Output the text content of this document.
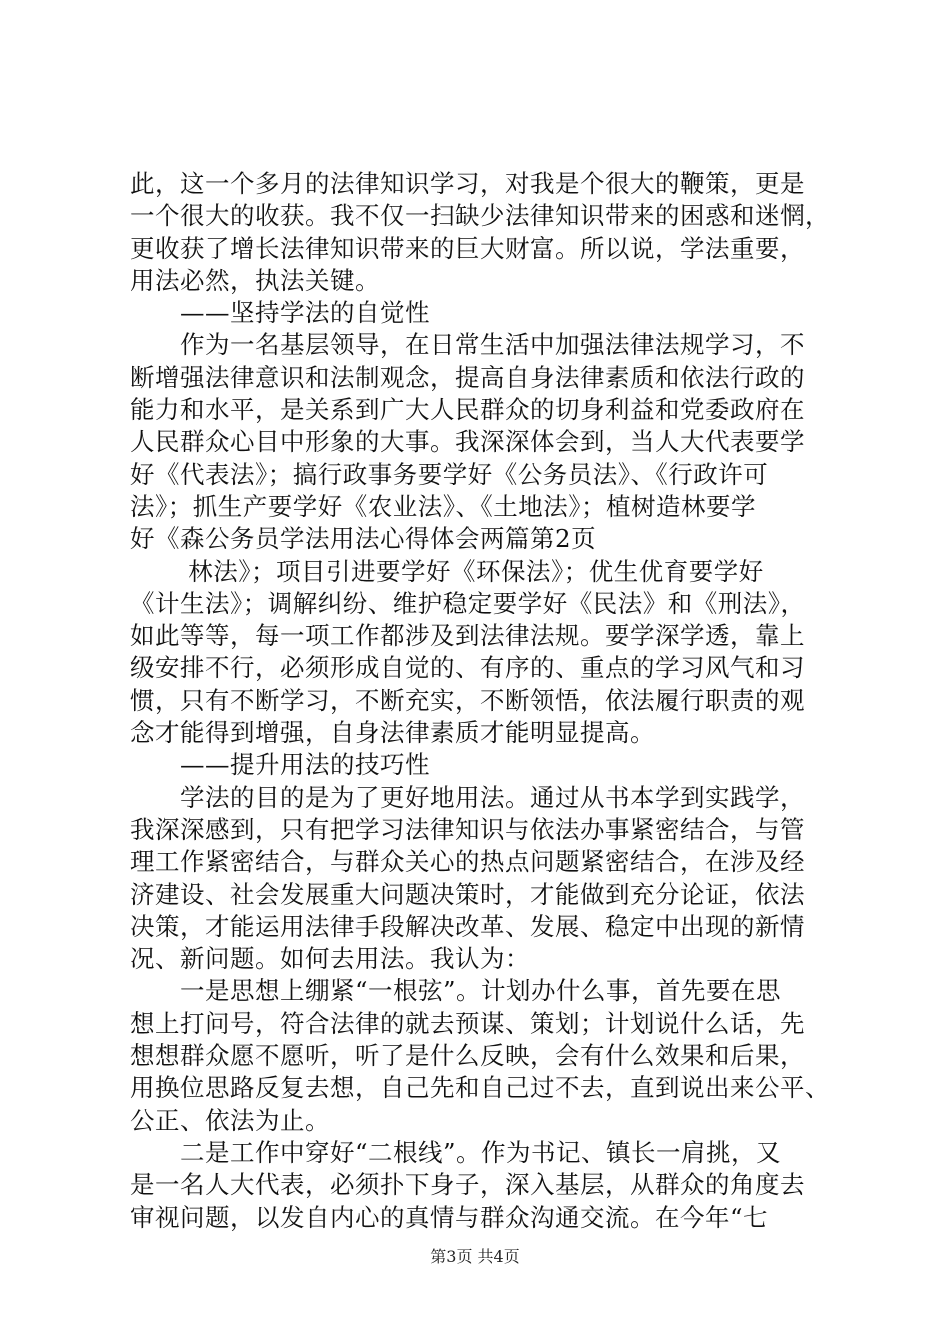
此，这一个多月的法律知识学习，对我是个很大的鞭策，更是
一个很大的收获。我不仅一扫缺少法律知识带来的困惑和迷惘，
更收获了增长法律知识带来的巨大财富。所以说，学法重要，
用法必然，执法关键。
　　——坚持学法的自觉性
　　作为一名基层领导，在日常生活中加强法律法规学习，不
断增强法律意识和法制观念，提高自身法律素质和依法行政的
能力和水平，是关系到广大人民群众的切身利益和党委政府在
人民群众心目中形象的大事。我深深体会到，当人大代表要学
好《代表法》；搞行政事务要学好《公务员法》、《行政许可
法》；抓生产要学好《农业法》、《土地法》；植树造林要学
好《森公务员学法用法心得体会两篇第2页
　　 林法》；项目引进要学好《环保法》；优生优育要学好
《计生法》；调解纠纷、维护稳定要学好《民法》和《刑法》，
如此等等，每一项工作都涉及到法律法规。要学深学透，靠上
级安排不行，必须形成自觉的、有序的、重点的学习风气和习
惯，只有不断学习，不断充实，不断领悟，依法履行职责的观
念才能得到增强，自身法律素质才能明显提高。
　　——提升用法的技巧性
　　学法的目的是为了更好地用法。通过从书本学到实践学，
我深深感到，只有把学习法律知识与依法办事紧密结合，与管
理工作紧密结合，与群众关心的热点问题紧密结合，在涉及经
济建设、社会发展重大问题决策时，才能做到充分论证，依法
决策，才能运用法律手段解决改革、发展、稳定中出现的新情
况、新问题。如何去用法。我认为：
　　一是思想上绷紧“一根弦”。计划办什么事，首先要在思
想上打问号，符合法律的就去预谋、策划；计划说什么话，先
想想群众愿不愿听，听了是什么反映，会有什么效果和后果，
用换位思路反复去想，自己先和自己过不去，直到说出来公平、
公正、依法为止。
　　二是工作中穿好“二根线”。作为书记、镇长一肩挑，又
是一名人大代表，必须扑下身子，深入基层，从群众的角度去
审视问题，以发自内心的真情与群众沟通交流。在今年“七
第3页 共4页
